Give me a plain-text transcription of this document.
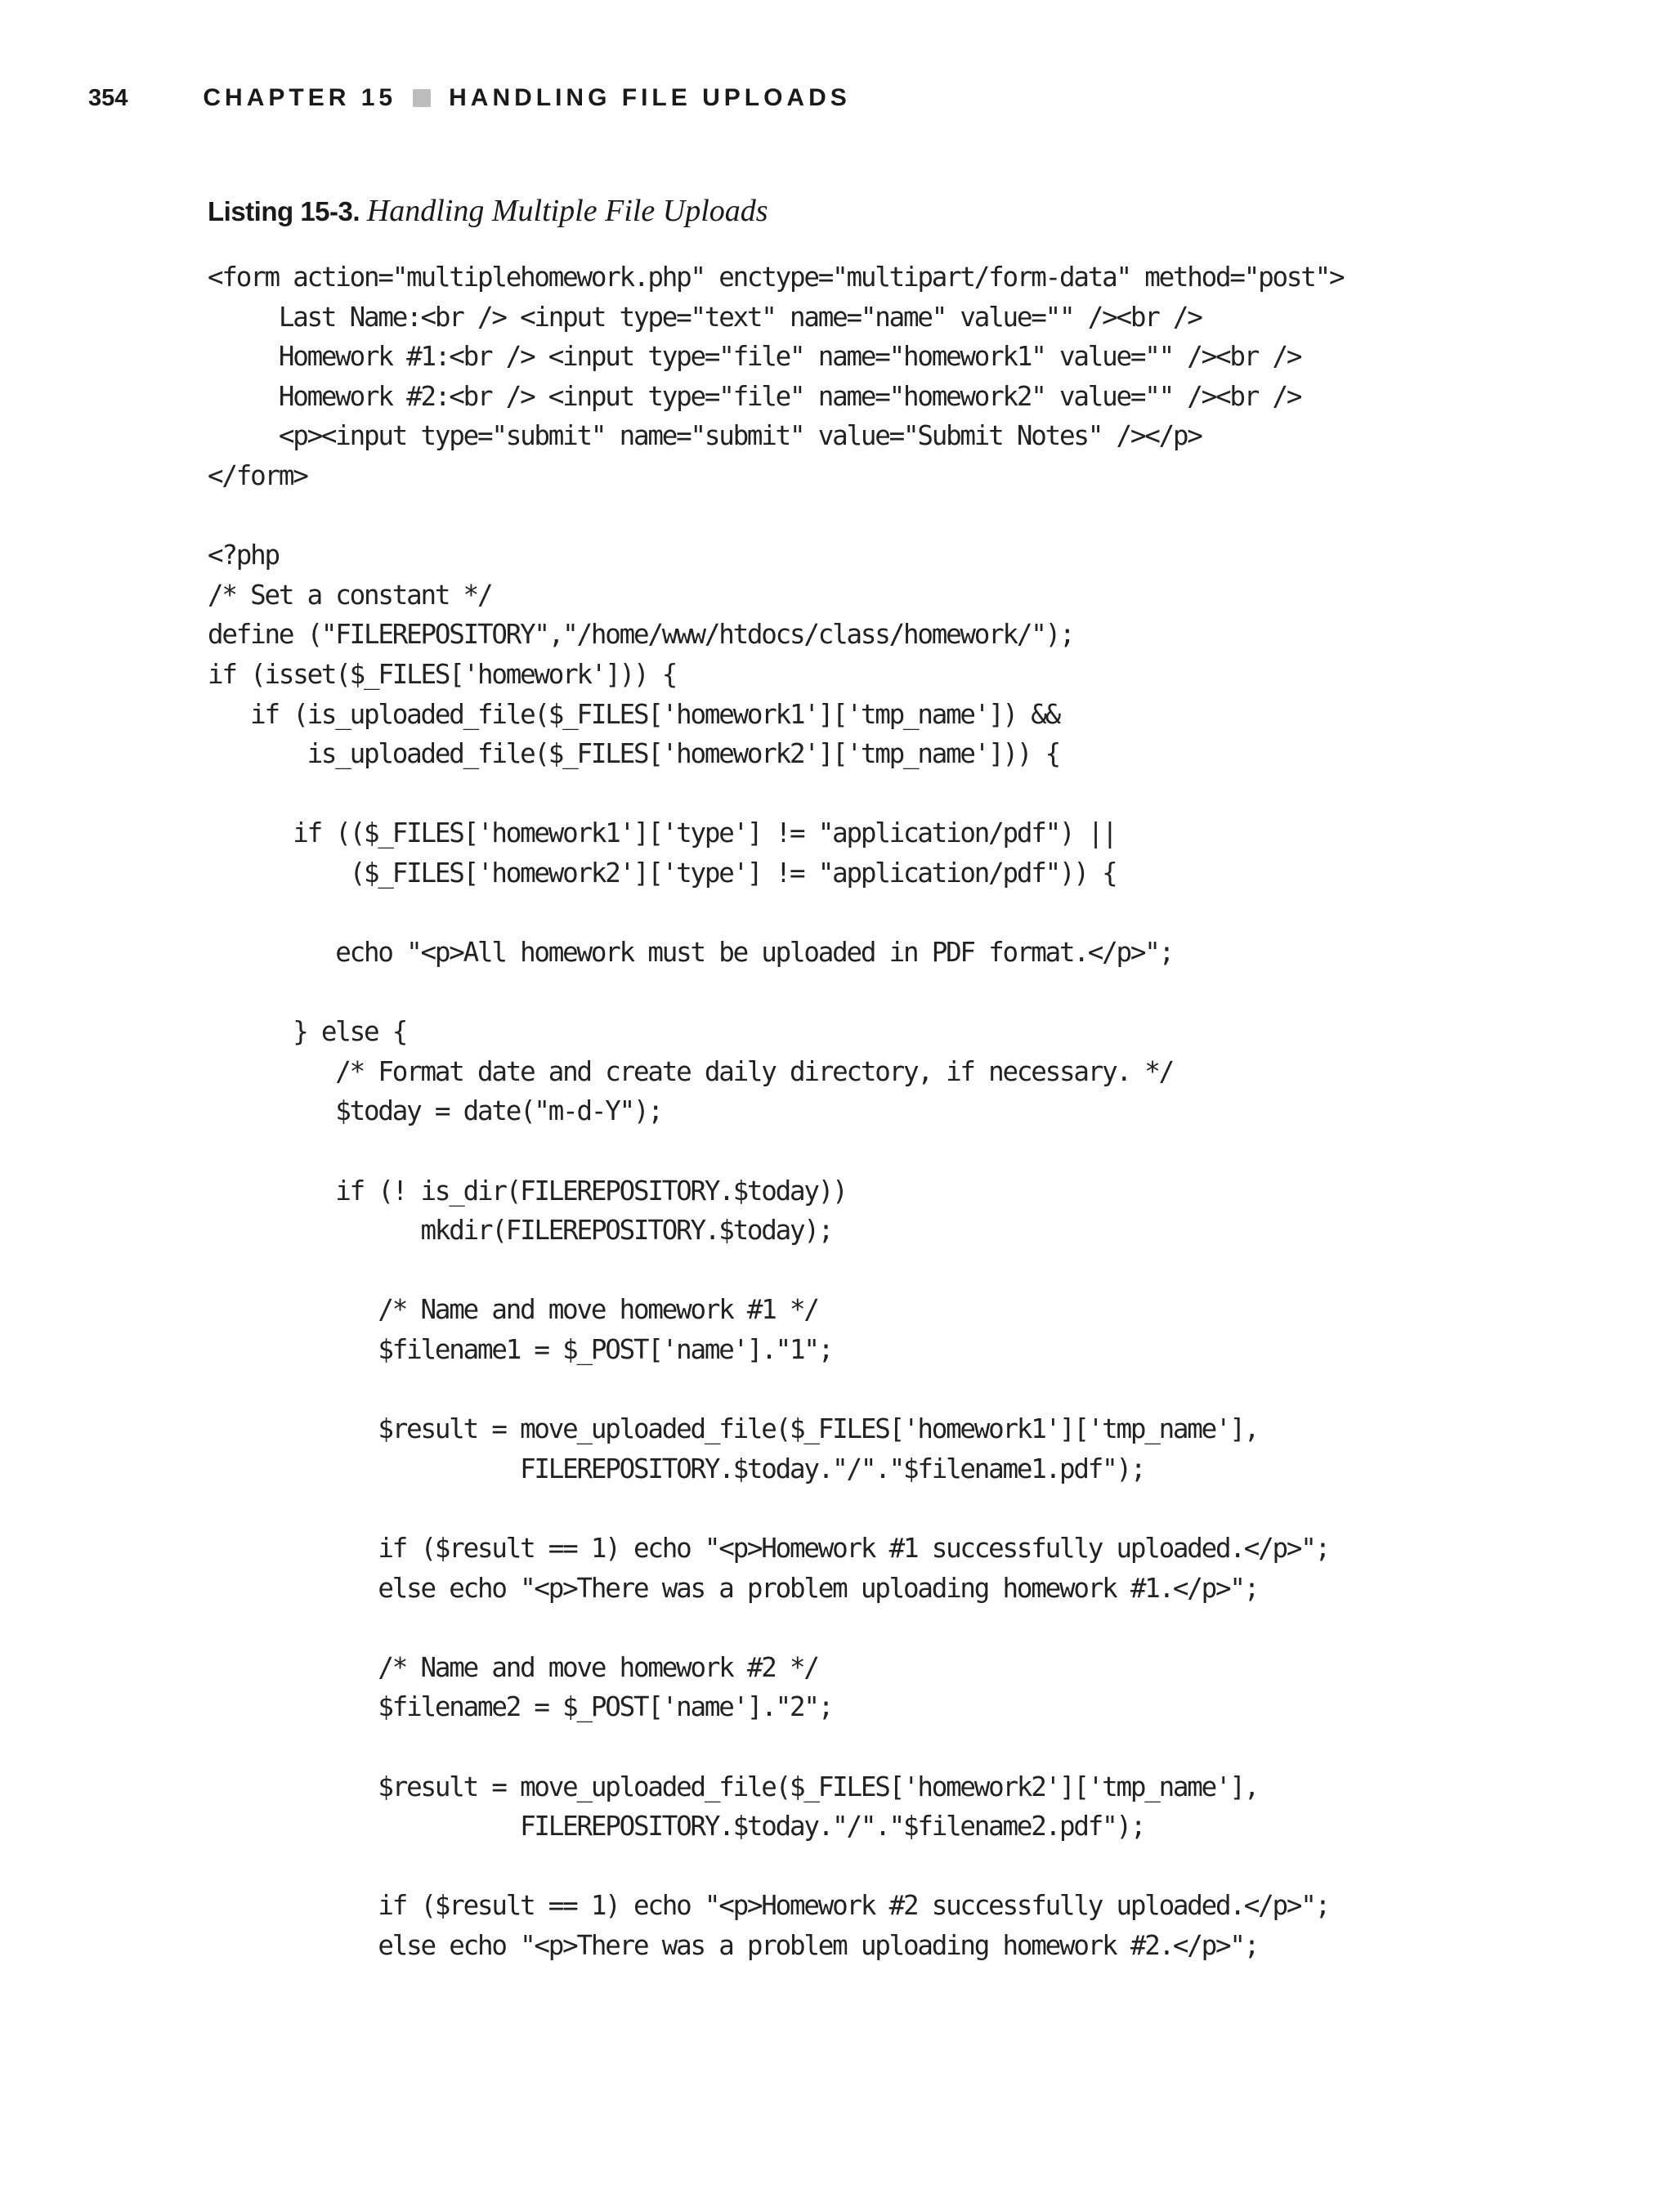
354	CHAPTER 15 HANDLING FILE UPLOADS
Listing 15-3. Handling Multiple File Uploads
<form action="multiplehomework.php" enctype="multipart/form-data" method="post">
Last Name:<br /> <input type="text" name="name" value="" /><br />
Homework #1:<br /> <input type="file" name="homework1" value="" /><br />
Homework #2:<br /> <input type="file" name="homework2" value="" /><br />
<p><input type="submit" name="submit" value="Submit Notes" /></p>
</form>
<?php
/* Set a constant */
define ("FILEREPOSITORY","/home/www/htdocs/class/homework/");
if (isset($_FILES['homework'])) {
if (is_uploaded_file($_FILES['homework1']['tmp_name']) &&
is_uploaded_file($_FILES['homework2']['tmp_name'])) {
if (($_FILES['homework1']['type'] != "application/pdf") ||
($_FILES['homework2']['type'] != "application/pdf")) {
echo "<p>All homework must be uploaded in PDF format.</p>";
} else {
/* Format date and create daily directory, if necessary. */
$today = date("m-d-Y");
if (! is_dir(FILEREPOSITORY.$today))
mkdir(FILEREPOSITORY.$today);
/* Name and move homework #1 */
$filename1 = $_POST['name']."1";
$result = move_uploaded_file($_FILES['homework1']['tmp_name'],
FILEREPOSITORY.$today."/"."$filename1.pdf");
if ($result == 1) echo "<p>Homework #1 successfully uploaded.</p>";
else echo "<p>There was a problem uploading homework #1.</p>";
/* Name and move homework #2 */
$filename2 = $_POST['name']."2";
$result = move_uploaded_file($_FILES['homework2']['tmp_name'],
FILEREPOSITORY.$today."/"."$filename2.pdf");
if ($result == 1) echo "<p>Homework #2 successfully uploaded.</p>";
else echo "<p>There was a problem uploading homework #2.</p>";
